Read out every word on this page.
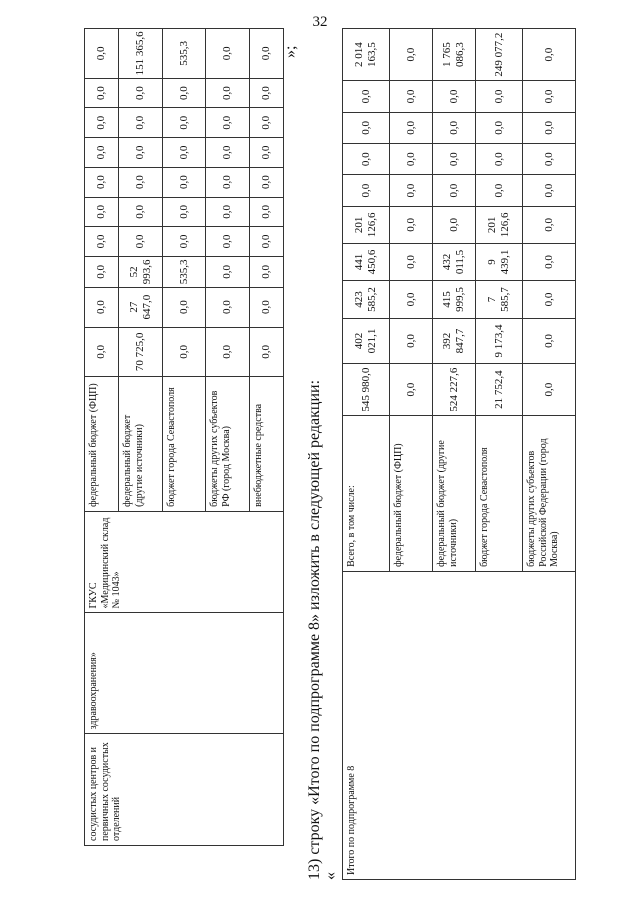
32
сосудистых центров и первичных сосудистых отделений	здравоохранения»	ГКУС «Медицинский склад № 1043»	федеральный бюджет (ФЦП)	0,0	0,0	0,0	0,0	0,0	0,0	0,0	0,0	0,0	0,0
			федеральный бюджет (другие источники)	70 725,0	27 647,0	52 993,6	0,0	0,0	0,0	0,0	0,0	0,0	151 365,6
			бюджет города Севастополя	0,0	0,0	535,3	0,0	0,0	0,0	0,0	0,0	0,0	535,3
			бюджеты других субъектов РФ (город Москва)	0,0	0,0	0,0	0,0	0,0	0,0	0,0	0,0	0,0	0,0
			внебюджетные средства	0,0	0,0	0,0	0,0	0,0	0,0	0,0	0,0	0,0	0,0 »;
13) строку «Итого по подпрограмме 8» изложить в следующей редакции: «
Итого по подпрограмме 8	Всего, в том числе:	545 980,0	402 021,1	423 585,2	441 450,6	201 126,6	0,0	0,0	0,0	0,0	2 014 163,5
	федеральный бюджет (ФЦП)	0,0	0,0	0,0	0,0	0,0	0,0	0,0	0,0	0,0	0,0
	федеральный бюджет (другие источники)	524 227,6	392 847,7	415 999,5	432 011,5	0,0	0,0	0,0	0,0	0,0	1 765 086,3
	бюджет города Севастополя	21 752,4	9 173,4	7 585,7	9 439,1	201 126,6	0,0	0,0	0,0	0,0	249 077,2
	бюджеты других субъектов Российской Федерации (город Москва)	0,0	0,0	0,0	0,0	0,0	0,0	0,0	0,0	0,0	0,0
